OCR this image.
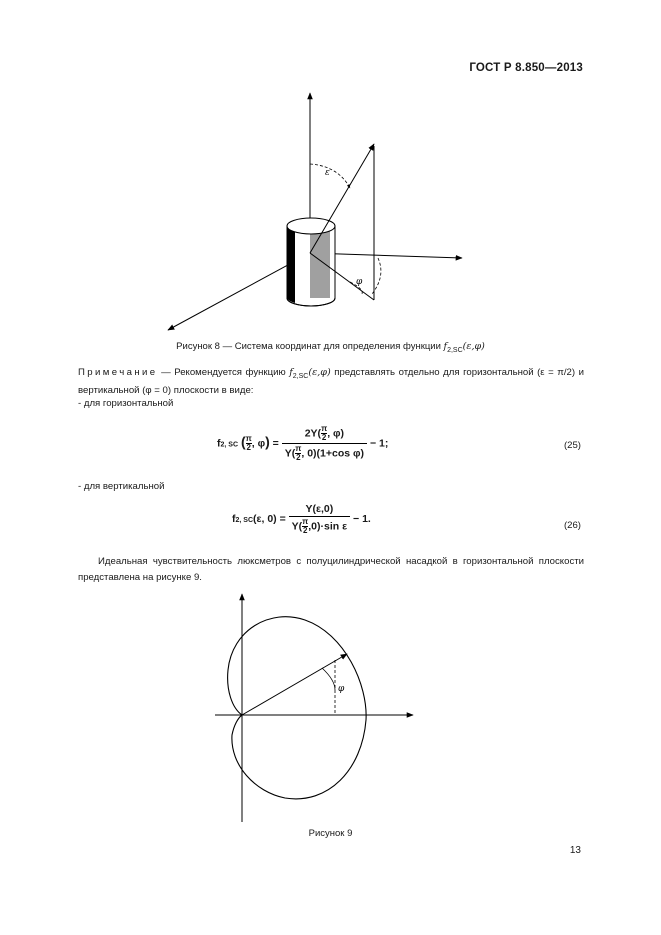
ГОСТ Р 8.850—2013
ε
φ
Рисунок 8 — Система координат для определения функции $f_{2,SC}(\varepsilon,\varphi)$
Примечание — Рекомендуется функцию $f_{2,SC}(\varepsilon,\varphi)$ представлять отдельно для горизонтальной (ε = π/2) и вертикальной (φ = 0) плоскости в виде:
- для горизонтальной
f2, SC ( $\frac{\pi}{2}$, $\varphi) = \frac{2Y( \frac{\pi}{2}, \varphi)}{Y( \frac{\pi}{2}, 0)(1+\cos \varphi)} - 1$;	(25)
- для вертикальной
f2, SC(ε, $0) = \frac{Y(\varepsilon,0)}{Y( \frac{\pi}{2},0)\cdot\sin \varepsilon} - 1$.
(26)
Идеальная чувствительность люксметров с полуцилиндрической насадкой в горизонтальной плоскости представлена на рисунке 9.
φ
Рисунок 9
13
